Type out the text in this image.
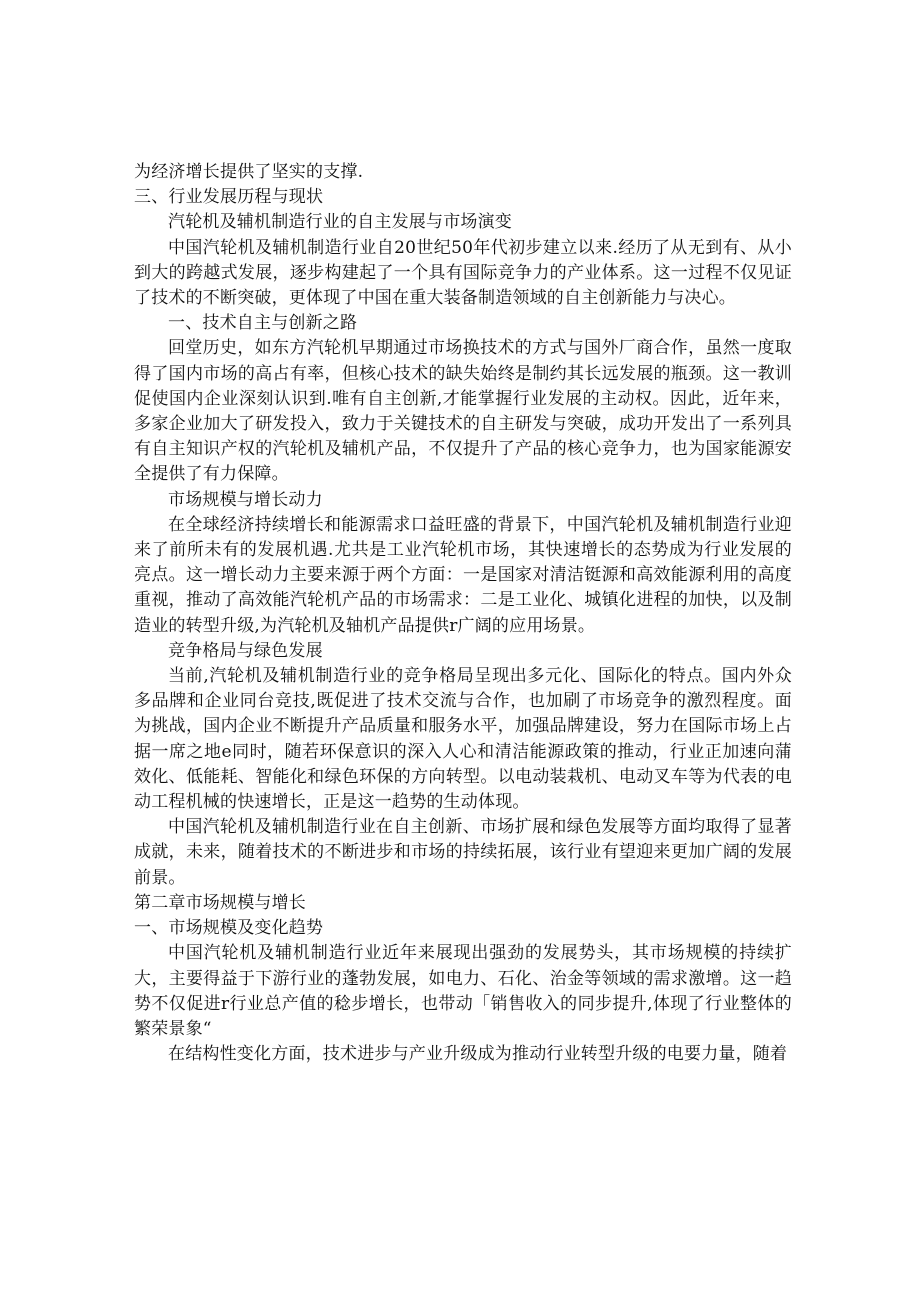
为经济增长提供了坚实的支撑.

三、行业发展历程与现状

汽轮机及辅机制造行业的自主发展与市场演变

中国汽轮机及辅机制造行业自20世纪50年代初步建立以来.经历了从无到有、从小到大的跨越式发展，逐步构建起了一个具有国际竞争力的产业体系。这一过程不仅见证了技术的不断突破，更体现了中国在重大装备制造领域的自主创新能力与决心。

一、技术自主与创新之路

回堂历史，如东方汽轮机早期通过市场换技术的方式与国外厂商合作，虽然一度取得了国内市场的高占有率，但核心技术的缺失始终是制约其长远发展的瓶颈。这一教训促使国内企业深刻认识到.唯有自主创新,才能掌握行业发展的主动权。因此，近年来，多家企业加大了研发投入，致力于关键技术的自主研发与突破，成功开发出了一系列具有自主知识产权的汽轮机及辅机产品，不仅提升了产品的核心竞争力，也为国家能源安全提供了有力保障。

市场规模与增长动力

在全球经济持续增长和能源需求口益旺盛的背景下，中国汽轮机及辅机制造行业迎来了前所未有的发展机遇.尤共是工业汽轮机市场，其快速增长的态势成为行业发展的亮点。这一增长动力主要来源于两个方面：一是国家对清洁铤源和高效能源利用的高度重视，推动了高效能汽轮机产品的市场需求：二是工业化、城镇化进程的加快，以及制造业的转型升级,为汽轮机及轴机产品提供r广阔的应用场景。

竞争格局与绿色发展

当前,汽轮机及辅机制造行业的竞争格局呈现出多元化、国际化的特点。国内外众多品牌和企业同台竞技,既促进了技术交流与合作，也加刷了市场竞争的激烈程度。面为挑战，国内企业不断提升产品质量和服务水平，加强品牌建设，努力在国际市场上占据一席之地e同时，随若环保意识的深入人心和清洁能源政策的推动，行业正加速向蒲效化、低能耗、智能化和绿色环保的方向转型。以电动装栽机、电动叉车等为代表的电动工程机械的快速增长，正是这一趋势的生动体现。

中国汽轮机及辅机制造行业在自主创新、市场扩展和绿色发展等方面均取得了显著成就，未来，随着技术的不断进步和市场的持续拓展，该行业有望迎来更加广阔的发展前景。

第二章市场规模与增长

一、市场规模及变化趋势

中国汽轮机及辅机制造行业近年来展现出强劲的发展势头，其市场规模的持续扩大，主要得益于下游行业的蓬勃发展，如电力、石化、治金等领域的需求激增。这一趋势不仅促进r行业总产值的稔步增长，也带动「销售收入的同步提升,体现了行业整体的繁荣景象“

在结构性变化方面，技术进步与产业升级成为推动行业转型升级的电要力量，随着
